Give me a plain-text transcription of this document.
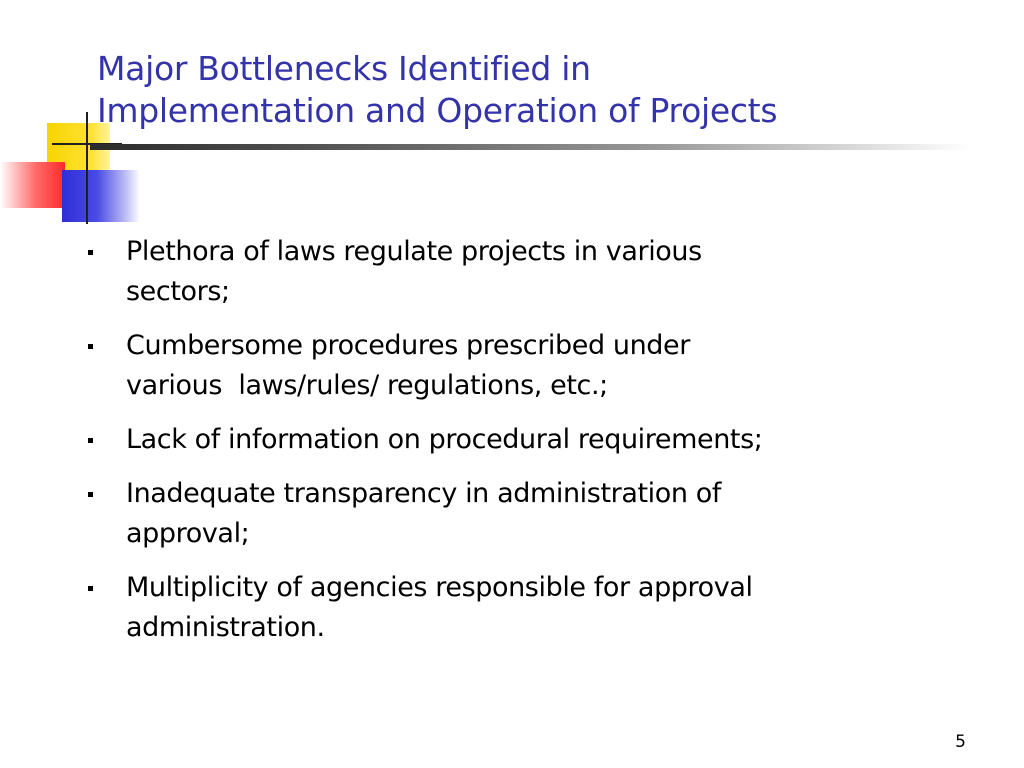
Major Bottlenecks Identified in
Implementation and Operation of Projects
Plethora of laws regulate projects in various
sectors;
Cumbersome procedures prescribed under
various  laws/rules/ regulations, etc.;
Lack of information on procedural requirements;
Inadequate transparency in administration of
approval;
Multiplicity of agencies responsible for approval
administration.
5
